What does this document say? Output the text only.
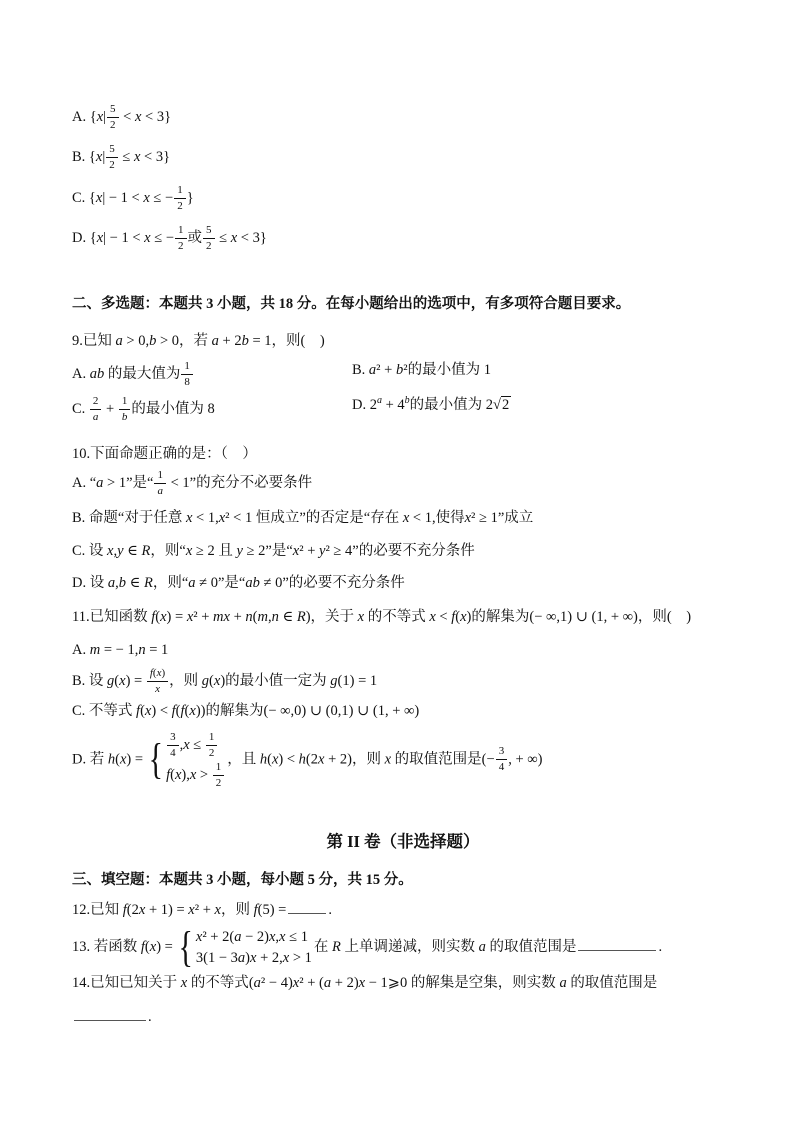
A. $\{x| \frac{5}{2} < x < 3\}$
B. $\{x| \frac{5}{2} \le x < 3\}$
C. {x| − 1 < x ≤ − $\frac{1}{2}$ }
D. {x| − 1 < x ≤ − $\frac{1}{2}$ 或 $\frac{5}{2} \le x < 3$}
二、多选题：本题共 3 小题，共 18 分。在每小题给出的选项中，有多项符合题目要求。
9.已知 a > 0,b > 0，若 a + 2b = 1，则(　)
A. ab 的最大值为 $\frac{1}{8}$	B. a² + b²的最小值为 1
C. $\frac{2}{a} + \frac{1}{b}$ 的最小值为 8	D. $2^a + 4^b$的最小值为 2√2
10.下面命题正确的是：（　）
A. “a > 1”是“ $\frac{1}{a} < 1$”的充分不必要条件
B. 命题“对于任意 x < 1,x² < 1 恒成立”的否定是“存在 x < 1,使得x² ≥ 1”成立
C. 设 x,y ∈ R，则“x ≥ 2 且 y ≥ 2”是“x² + y² ≥ 4”的必要不充分条件
D. 设 a,b ∈ R，则“a ≠ 0”是“ab ≠ 0”的必要不充分条件
11.已知函数 f(x) = x² + mx + n(m,n ∈ R)，关于 x 的不等式 x < f(x)的解集为(− ∞,1) ∪ (1, + ∞)，则(　)
A. m = − 1,n = 1
B. 设 $g(x) = \frac{f(x)}{x}$ ，则 g(x)的最小值一定为 g(1) = 1
C. 不等式 f(x) < f(f(x))的解集为(− ∞,0) ∪ (0,1) ∪ (1, + ∞)
D. 若 h(x) = { $\frac{3}{4} ,x \le \frac{1}{2}$
$f(x),x > \frac{1}{2}$
，且 h(x) < h(2x + 2)，则 x 的取值范围是(− $\frac{3}{4}$ , + ∞)
第 II 卷（非选择题）
三、填空题：本题共 3 小题，每小题 5 分，共 15 分。
12.已知 f(2x + 1) = x² + x，则 f(5) =	.
13. 若函数 f(x) = { x² + 2(a − 2)x,x ≤ 1
3(1 − 3a)x + 2,x > 1
在 R 上单调递减，则实数 a 的取值范围是	.
14.已知已知关于 x 的不等式(a² − 4)x² + (a + 2)x − 1⩾0 的解集是空集，则实数 a 的取值范围是
.
